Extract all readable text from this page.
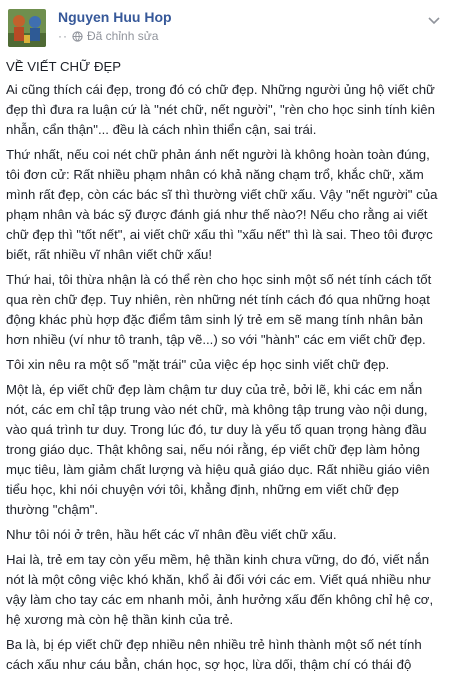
Nguyen Huu Hop
·· Đã chỉnh sửa

VỀ VIẾT CHỮ ĐẸP

Ai cũng thích cái đẹp, trong đó có chữ đẹp. Những người ủng hộ viết chữ đẹp thì đưa ra luận cứ là "nét chữ, nết người", "rèn cho học sinh tính kiên nhẫn, cẩn thận"... đều là cách nhìn thiển cận, sai trái.

Thứ nhất, nếu coi nét chữ phản ánh nết người là không hoàn toàn đúng, tôi đơn cử: Rất nhiều phạm nhân có khả năng chạm trổ, khắc chữ, xăm mình rất đẹp, còn các bác sĩ thì thường viết chữ xấu. Vậy "nết người" của phạm nhân và bác sỹ được đánh giá như thế nào?! Nếu cho rằng ai viết chữ đẹp thì "tốt nết", ai viết chữ xấu thì "xấu nết" thì là sai. Theo tôi được biết, rất nhiều vĩ nhân viết chữ xấu!

Thứ hai, tôi thừa nhận là có thể rèn cho học sinh một số nét tính cách tốt qua rèn chữ đẹp. Tuy nhiên, rèn những nét tính cách đó qua những hoạt động khác phù hợp đặc điểm tâm sinh lý trẻ em sẽ mang tính nhân bản hơn nhiều (ví như tô tranh, tập vẽ...) so với "hành" các em viết chữ đẹp.

Tôi xin nêu ra một số "mặt trái" của việc ép học sinh viết chữ đẹp.

Một là, ép viết chữ đẹp làm chậm tư duy của trẻ, bởi lẽ, khi các em nắn nót, các em chỉ tập trung vào nét chữ, mà không tập trung vào nội dung, vào quá trình tư duy. Trong lúc đó, tư duy là yếu tố quan trọng hàng đầu trong giáo dục. Thật không sai, nếu nói rằng, ép viết chữ đẹp làm hỏng mục tiêu, làm giảm chất lượng và hiệu quả giáo dục. Rất nhiều giáo viên tiểu học, khi nói chuyện với tôi, khẳng định, những em viết chữ đẹp thường "chậm".

Như tôi nói ở trên, hầu hết các vĩ nhân đều viết chữ xấu.

Hai là, trẻ em tay còn yếu mềm, hệ thần kinh chưa vững, do đó, viết nắn nót là một công việc khó khăn, khổ ải đối với các em. Viết quá nhiều như vậy làm cho tay các em nhanh mỏi, ảnh hưởng xấu đến không chỉ hệ cơ, hệ xương mà còn hệ thần kinh của trẻ.

Ba là, bị ép viết chữ đẹp nhiều nên nhiều trẻ hình thành một số nét tính cách xấu như cáu bẳn, chán học, sợ học, lừa dối, thậm chí có thái độ
